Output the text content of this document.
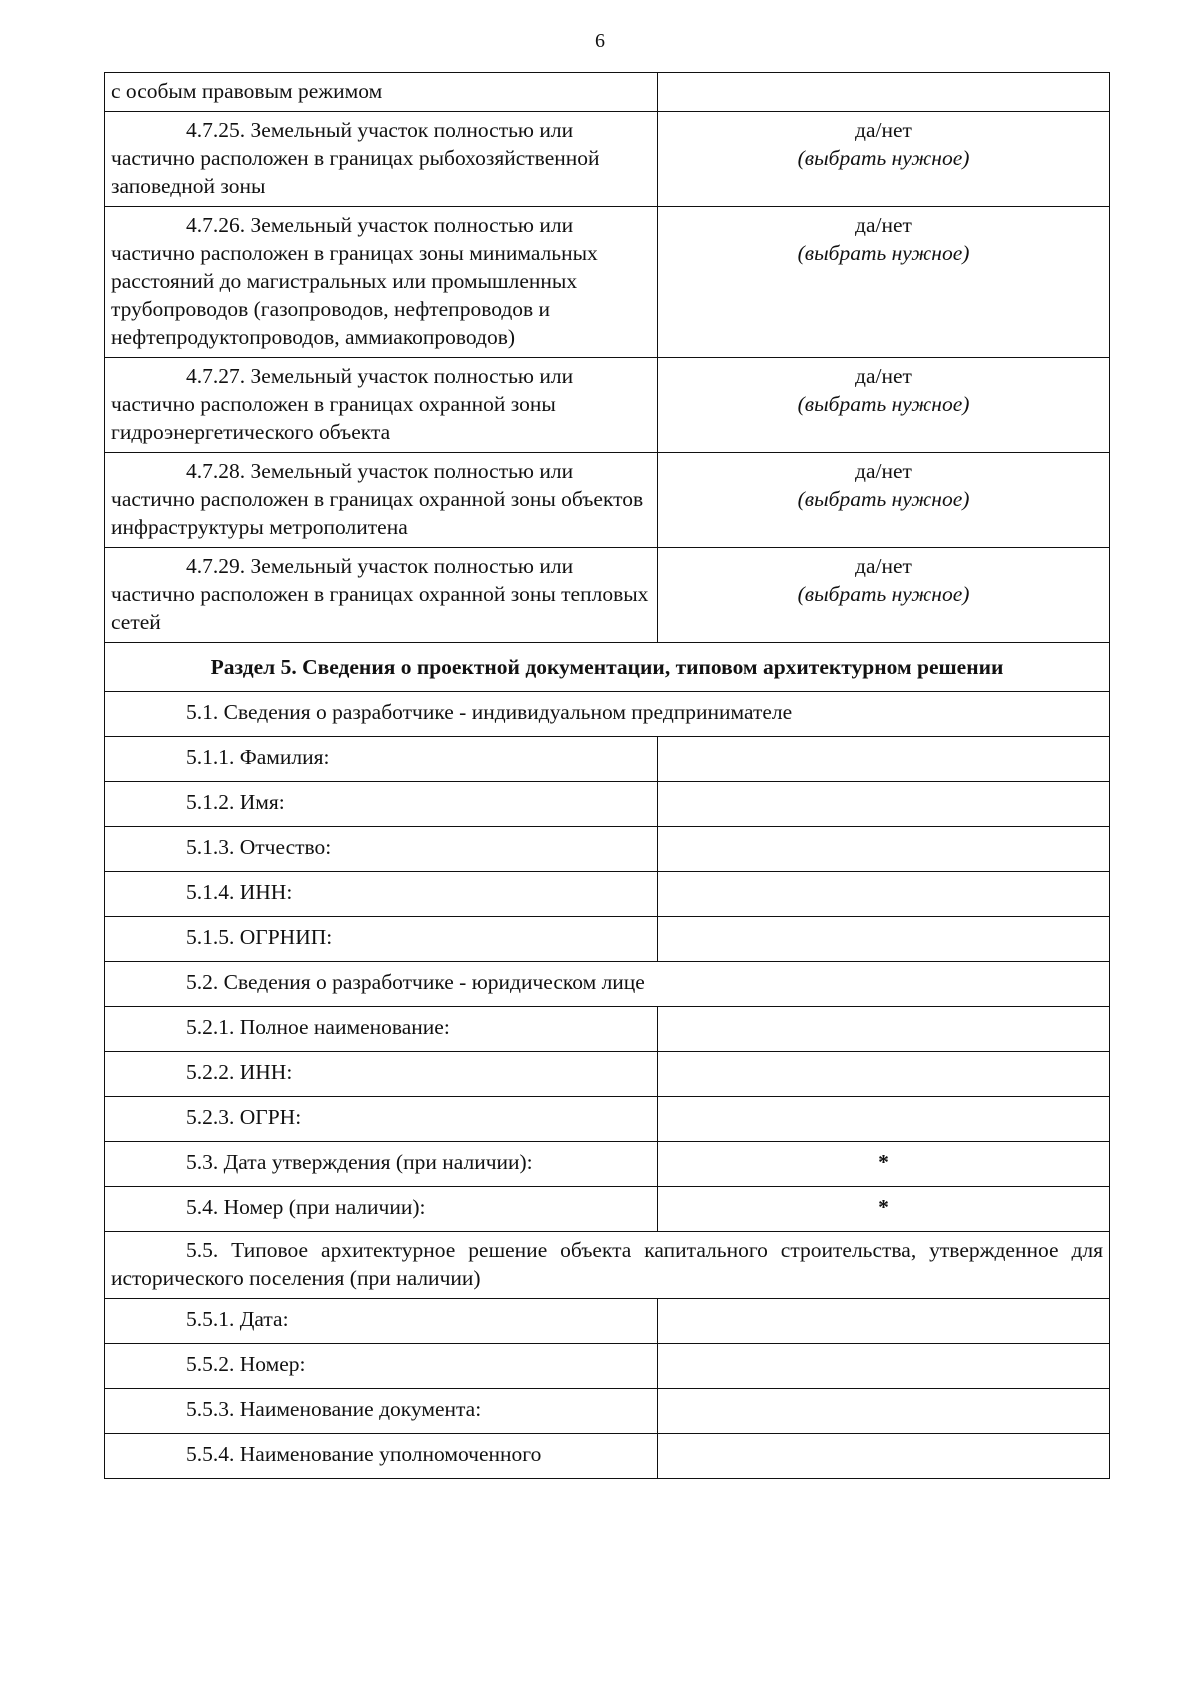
6
с особым правовым режимом	
4.7.25. Земельный участок полностью или частично расположен в границах рыбохозяйственной заповедной зоны	да/нет
(выбрать нужное)

4.7.26. Земельный участок полностью или частично расположен в границах зоны минимальных расстояний до магистральных или промышленных трубопроводов (газопроводов, нефтепроводов и нефтепродуктопроводов, аммиакопроводов)	да/нет
(выбрать нужное)

4.7.27. Земельный участок полностью или частично расположен в границах охранной зоны гидроэнергетического объекта	да/нет
(выбрать нужное)

4.7.28. Земельный участок полностью или частично расположен в границах охранной зоны объектов инфраструктуры метрополитена	да/нет
(выбрать нужное)

4.7.29. Земельный участок полностью или частично расположен в границах охранной зоны тепловых сетей	да/нет
(выбрать нужное)

Раздел 5. Сведения о проектной документации, типовом архитектурном решении	
5.1. Сведения о разработчике - индивидуальном предпринимателе	
5.1.1. Фамилия:	
5.1.2. Имя:	
5.1.3. Отчество:	
5.1.4. ИНН:	
5.1.5. ОГРНИП:	
5.2. Сведения о разработчике - юридическом лице	
5.2.1. Полное наименование:	
5.2.2. ИНН:	
5.2.3. ОГРН:	
5.3. Дата утверждения (при наличии):	*
5.4. Номер (при наличии):	*
5.5. Типовое архитектурное решение объекта капитального строительства, утвержденное для исторического поселения (при наличии)	
5.5.1. Дата:	
5.5.2. Номер:	
5.5.3. Наименование документа:	
5.5.4. Наименование уполномоченного	
